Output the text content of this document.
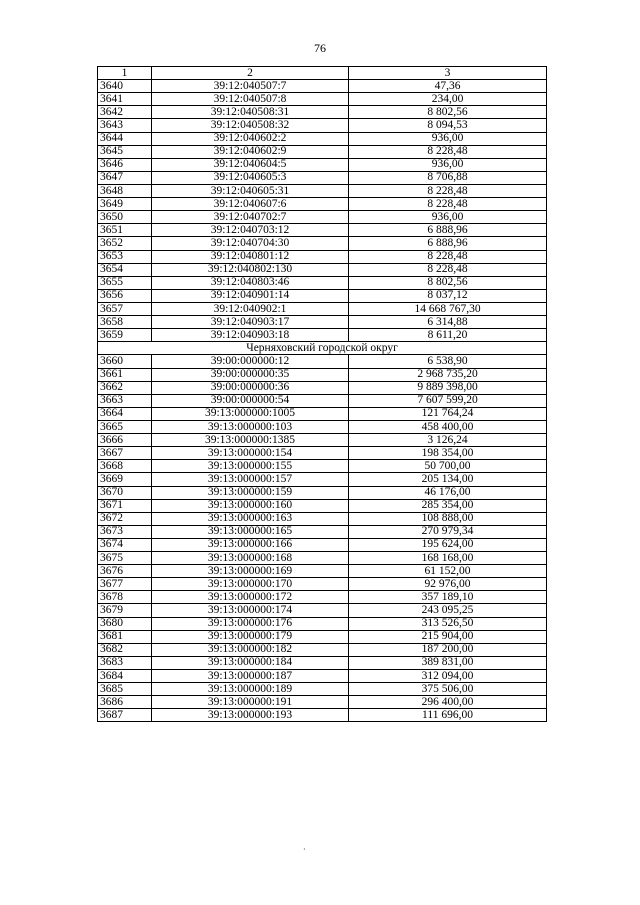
76
1	2	3
3640	39:12:040507:7	47,36
3641	39:12:040507:8	234,00
3642	39:12:040508:31	8 802,56
3643	39:12:040508:32	8 094,53
3644	39:12:040602:2	936,00
3645	39:12:040602:9	8 228,48
3646	39:12:040604:5	936,00
3647	39:12:040605:3	8 706,88
3648	39:12:040605:31	8 228,48
3649	39:12:040607:6	8 228,48
3650	39:12:040702:7	936,00
3651	39:12:040703:12	6 888,96
3652	39:12:040704:30	6 888,96
3653	39:12:040801:12	8 228,48
3654	39:12:040802:130	8 228,48
3655	39:12:040803:46	8 802,56
3656	39:12:040901:14	8 037,12
3657	39:12:040902:1	14 668 767,30
3658	39:12:040903:17	6 314,88
3659	39:12:040903:18	8 611,20
Черняховский городской округ		
3660	39:00:000000:12	6 538,90
3661	39:00:000000:35	2 968 735,20
3662	39:00:000000:36	9 889 398,00
3663	39:00:000000:54	7 607 599,20
3664	39:13:000000:1005	121 764,24
3665	39:13:000000:103	458 400,00
3666	39:13:000000:1385	3 126,24
3667	39:13:000000:154	198 354,00
3668	39:13:000000:155	50 700,00
3669	39:13:000000:157	205 134,00
3670	39:13:000000:159	46 176,00
3671	39:13:000000:160	285 354,00
3672	39:13:000000:163	108 888,00
3673	39:13:000000:165	270 979,34
3674	39:13:000000:166	195 624,00
3675	39:13:000000:168	168 168,00
3676	39:13:000000:169	61 152,00
3677	39:13:000000:170	92 976,00
3678	39:13:000000:172	357 189,10
3679	39:13:000000:174	243 095,25
3680	39:13:000000:176	313 526,50
3681	39:13:000000:179	215 904,00
3682	39:13:000000:182	187 200,00
3683	39:13:000000:184	389 831,00
3684	39:13:000000:187	312 094,00
3685	39:13:000000:189	375 506,00
3686	39:13:000000:191	296 400,00
3687	39:13:000000:193	111 696,00
·
